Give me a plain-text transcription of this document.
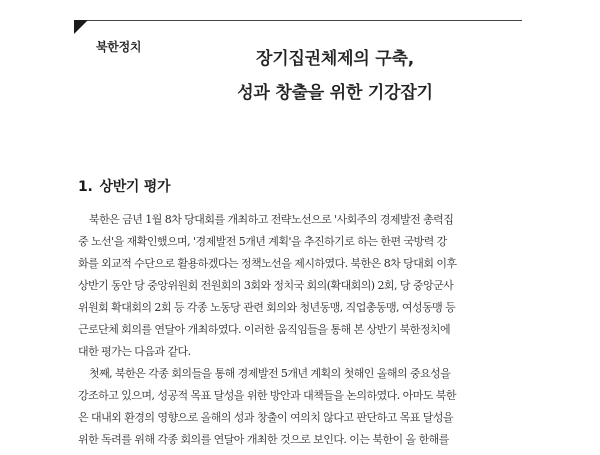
북한정치
장기집권체제의 구축,
성과 창출을 위한 기강잡기
1. 상반기 평가
북한은 금년 1월 8차 당대회를 개최하고 전략노선으로 '사회주의 경제발전 총력집
중 노선'을 재확인했으며, '경제발전 5개년 계획'을 추진하기로 하는 한편 국방력 강
화를 외교적 수단으로 활용하겠다는 정책노선을 제시하였다. 북한은 8차 당대회 이후
상반기 동안 당 중앙위원회 전원회의 3회와 정치국 회의(확대회의) 2회, 당 중앙군사
위원회 확대회의 2회 등 각종 노동당 관련 회의와 청년동맹, 직업총동맹, 여성동맹 등
근로단체 회의를 연달아 개최하였다. 이러한 움직임들을 통해 본 상반기 북한정치에
대한 평가는 다음과 같다.
첫째, 북한은 각종 회의들을 통해 경제발전 5개년 계획의 첫해인 올해의 중요성을
강조하고 있으며, 성공적 목표 달성을 위한 방안과 대책들을 논의하였다. 아마도 북한
은 대내외 환경의 영향으로 올해의 성과 창출이 여의치 않다고 판단하고 목표 달성을
위한 독려를 위해 각종 회의를 연달아 개최한 것으로 보인다. 이는 북한이 올 한해를
